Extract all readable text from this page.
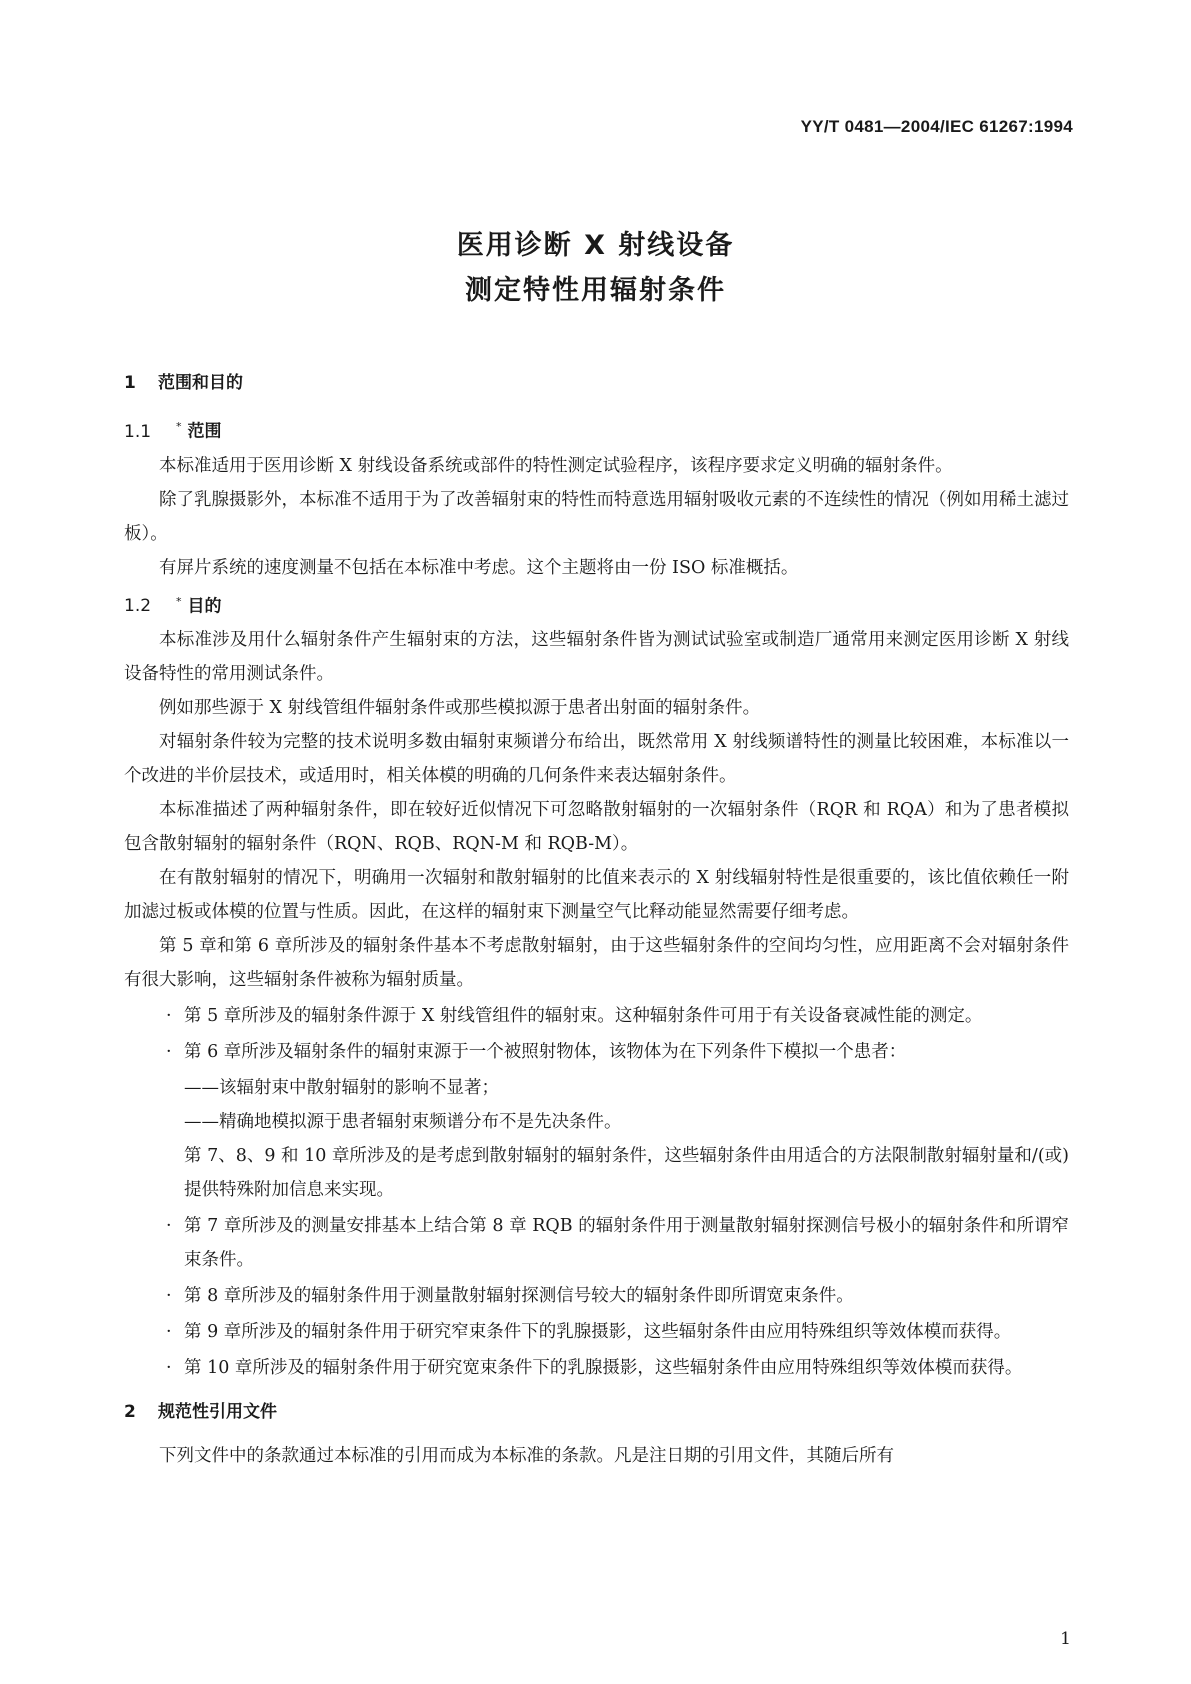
YY/T 0481—2004/IEC 61267:1994
医用诊断 X 射线设备
测定特性用辐射条件
1 范围和目的
1.1 * 范围

本标准适用于医用诊断 X 射线设备系统或部件的特性测定试验程序，该程序要求定义明确的辐射条件。

除了乳腺摄影外，本标准不适用于为了改善辐射束的特性而特意选用辐射吸收元素的不连续性的情况（例如用稀土滤过板）。

有屏片系统的速度测量不包括在本标准中考虑。这个主题将由一份 ISO 标准概括。

1.2 * 目的

本标准涉及用什么辐射条件产生辐射束的方法，这些辐射条件皆为测试试验室或制造厂通常用来测定医用诊断 X 射线设备特性的常用测试条件。

例如那些源于 X 射线管组件辐射条件或那些模拟源于患者出射面的辐射条件。

对辐射条件较为完整的技术说明多数由辐射束频谱分布给出，既然常用 X 射线频谱特性的测量比较困难，本标准以一个改进的半价层技术，或适用时，相关体模的明确的几何条件来表达辐射条件。

本标准描述了两种辐射条件，即在较好近似情况下可忽略散射辐射的一次辐射条件（RQR 和 RQA）和为了患者模拟包含散射辐射的辐射条件（RQN、RQB、RQN-M 和 RQB-M）。

在有散射辐射的情况下，明确用一次辐射和散射辐射的比值来表示的 X 射线辐射特性是很重要的，该比值依赖任一附加滤过板或体模的位置与性质。因此，在这样的辐射束下测量空气比释动能显然需要仔细考虑。

第 5 章和第 6 章所涉及的辐射条件基本不考虑散射辐射，由于这些辐射条件的空间均匀性，应用距离不会对辐射条件有很大影响，这些辐射条件被称为辐射质量。

· 第 5 章所涉及的辐射条件源于 X 射线管组件的辐射束。这种辐射条件可用于有关设备衰减性能的测定。
· 第 6 章所涉及辐射条件的辐射束源于一个被照射物体，该物体为在下列条件下模拟一个患者：
——该辐射束中散射辐射的影响不显著；
——精确地模拟源于患者辐射束频谱分布不是先决条件。
第 7、8、9 和 10 章所涉及的是考虑到散射辐射的辐射条件，这些辐射条件由用适合的方法限制散射辐射量和/(或)提供特殊附加信息来实现。
· 第 7 章所涉及的测量安排基本上结合第 8 章 RQB 的辐射条件用于测量散射辐射探测信号极小的辐射条件和所谓窄束条件。
· 第 8 章所涉及的辐射条件用于测量散射辐射探测信号较大的辐射条件即所谓宽束条件。
· 第 9 章所涉及的辐射条件用于研究窄束条件下的乳腺摄影，这些辐射条件由应用特殊组织等效体模而获得。
· 第 10 章所涉及的辐射条件用于研究宽束条件下的乳腺摄影，这些辐射条件由应用特殊组织等效体模而获得。
2 规范性引用文件

下列文件中的条款通过本标准的引用而成为本标准的条款。凡是注日期的引用文件，其随后所有

1
